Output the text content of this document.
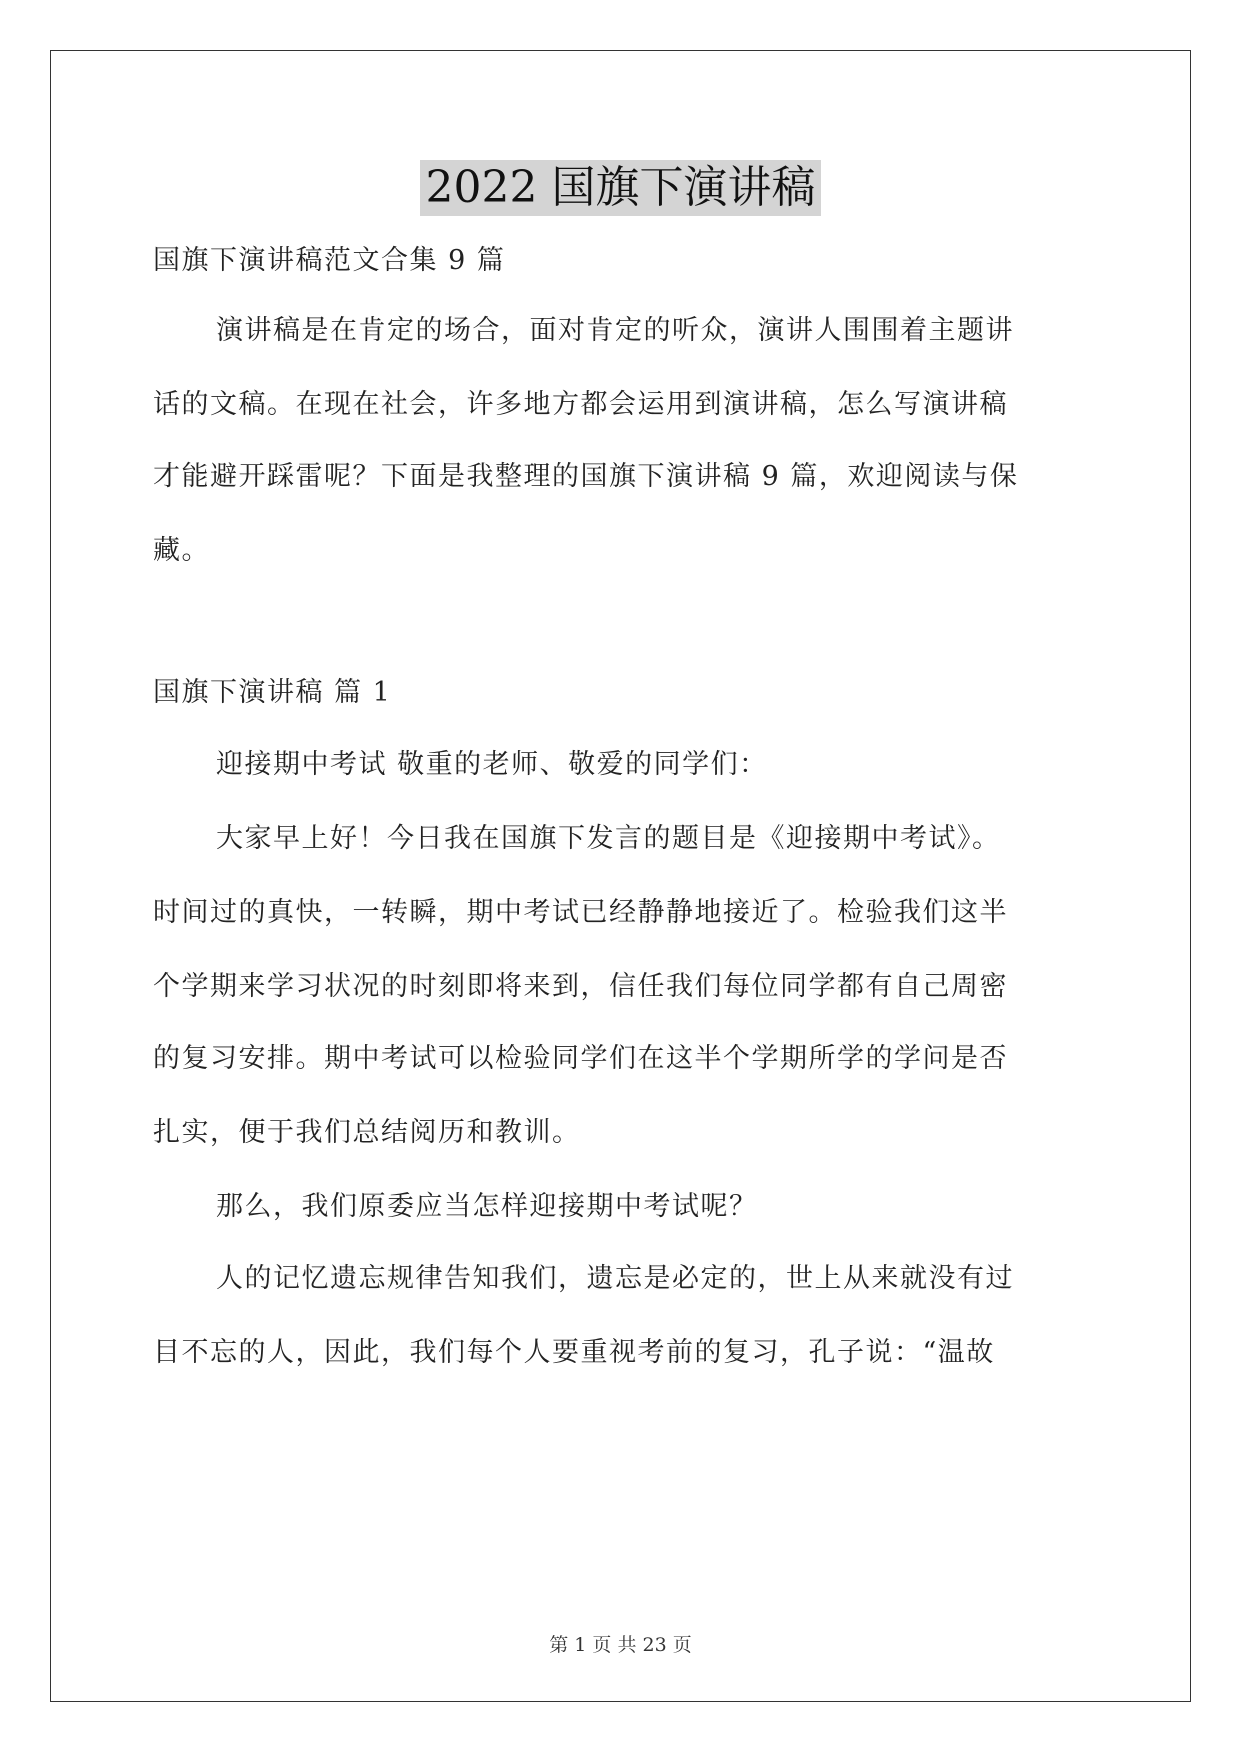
2022 国旗下演讲稿
国旗下演讲稿范文合集 9 篇
演讲稿是在肯定的场合，面对肯定的听众，演讲人围围着主题讲
话的文稿。在现在社会，许多地方都会运用到演讲稿，怎么写演讲稿
才能避开踩雷呢？下面是我整理的国旗下演讲稿 9 篇，欢迎阅读与保
藏。
国旗下演讲稿 篇 1
迎接期中考试 敬重的老师、敬爱的同学们：
大家早上好！今日我在国旗下发言的题目是《迎接期中考试》。
时间过的真快，一转瞬，期中考试已经静静地接近了。检验我们这半
个学期来学习状况的时刻即将来到，信任我们每位同学都有自己周密
的复习安排。期中考试可以检验同学们在这半个学期所学的学问是否
扎实，便于我们总结阅历和教训。
那么，我们原委应当怎样迎接期中考试呢？
人的记忆遗忘规律告知我们，遗忘是必定的，世上从来就没有过
目不忘的人，因此，我们每个人要重视考前的复习，孔子说：“温故
第 1 页 共 23 页
